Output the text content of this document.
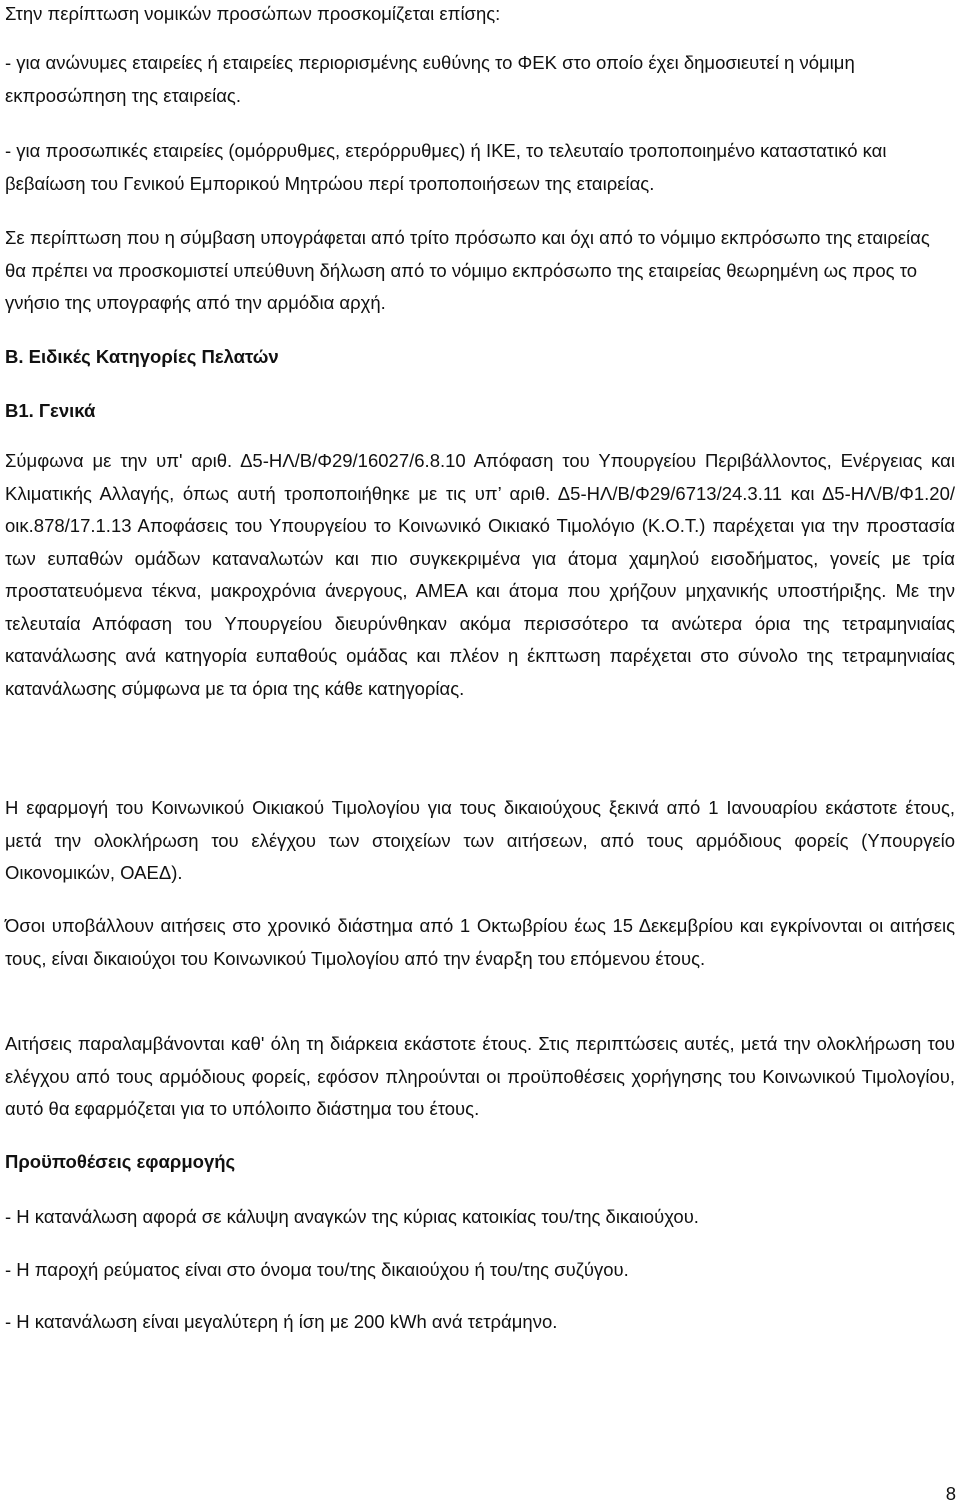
Στην περίπτωση νομικών προσώπων προσκομίζεται επίσης:

- για ανώνυμες εταιρείες ή εταιρείες περιορισμένης ευθύνης το ΦΕΚ στο οποίο έχει δημοσιευτεί η νόμιμη εκπροσώπηση της εταιρείας.

- για προσωπικές εταιρείες (ομόρρυθμες, ετερόρρυθμες) ή ΙΚΕ, το τελευταίο τροποποιημένο καταστατικό και βεβαίωση του Γενικού Εμπορικού Μητρώου περί τροποποιήσεων της εταιρείας.

Σε περίπτωση που η σύμβαση υπογράφεται από τρίτο πρόσωπο και όχι από το νόμιμο εκπρόσωπο της εταιρείας θα πρέπει να προσκομιστεί υπεύθυνη δήλωση από το νόμιμο εκπρόσωπο της εταιρείας θεωρημένη ως προς το γνήσιο της υπογραφής από την αρμόδια αρχή.

Β. Ειδικές Κατηγορίες Πελατών

Β1. Γενικά

Σύμφωνα με την υπ' αριθ. Δ5-ΗΛ/Β/Φ29/16027/6.8.10 Απόφαση του Υπουργείου Περιβάλλοντος, Ενέργειας και Κλιματικής Αλλαγής, όπως αυτή τροποποιήθηκε με τις υπ’ αριθ. Δ5-ΗΛ/Β/Φ29/6713/24.3.11 και Δ5-ΗΛ/Β/Φ1.20/οικ.878/17.1.13 Αποφάσεις του Υπουργείου το Κοινωνικό Οικιακό Τιμολόγιο (Κ.Ο.Τ.) παρέχεται για την προστασία των ευπαθών ομάδων καταναλωτών και πιο συγκεκριμένα για άτομα χαμηλού εισοδήματος, γονείς με τρία προστατευόμενα τέκνα, μακροχρόνια άνεργους, ΑΜΕΑ και άτομα που χρήζουν μηχανικής υποστήριξης. Με την τελευταία Απόφαση του Υπουργείου διευρύνθηκαν ακόμα περισσότερο τα ανώτερα όρια της τετραμηνιαίας κατανάλωσης ανά κατηγορία ευπαθούς ομάδας και πλέον η έκπτωση παρέχεται στο σύνολο της τετραμηνιαίας κατανάλωσης σύμφωνα με τα όρια της κάθε κατηγορίας.

Η εφαρμογή του Κοινωνικού Οικιακού Τιμολογίου για τους δικαιούχους ξεκινά από 1 Ιανουαρίου εκάστοτε έτους, μετά την ολοκλήρωση του ελέγχου των στοιχείων των αιτήσεων, από τους αρμόδιους φορείς (Υπουργείο Οικονομικών, ΟΑΕΔ).

Όσοι υποβάλλουν αιτήσεις στο χρονικό διάστημα από 1 Οκτωβρίου έως 15 Δεκεμβρίου και εγκρίνονται οι αιτήσεις τους, είναι δικαιούχοι του Κοινωνικού Τιμολογίου από την έναρξη του επόμενου έτους.

Αιτήσεις παραλαμβάνονται καθ' όλη τη διάρκεια εκάστοτε έτους. Στις περιπτώσεις αυτές, μετά την ολοκλήρωση του ελέγχου από τους αρμόδιους φορείς, εφόσον πληρούνται οι προϋποθέσεις χορήγησης του Κοινωνικού Τιμολογίου, αυτό θα εφαρμόζεται για το υπόλοιπο διάστημα του έτους.

Προϋποθέσεις εφαρμογής

- Η κατανάλωση αφορά σε κάλυψη αναγκών της κύριας κατοικίας του/της δικαιούχου.

- Η παροχή ρεύματος είναι στο όνομα του/της δικαιούχου ή του/της συζύγου.

- Η κατανάλωση είναι μεγαλύτερη ή ίση με 200 kWh ανά τετράμηνο.

8
